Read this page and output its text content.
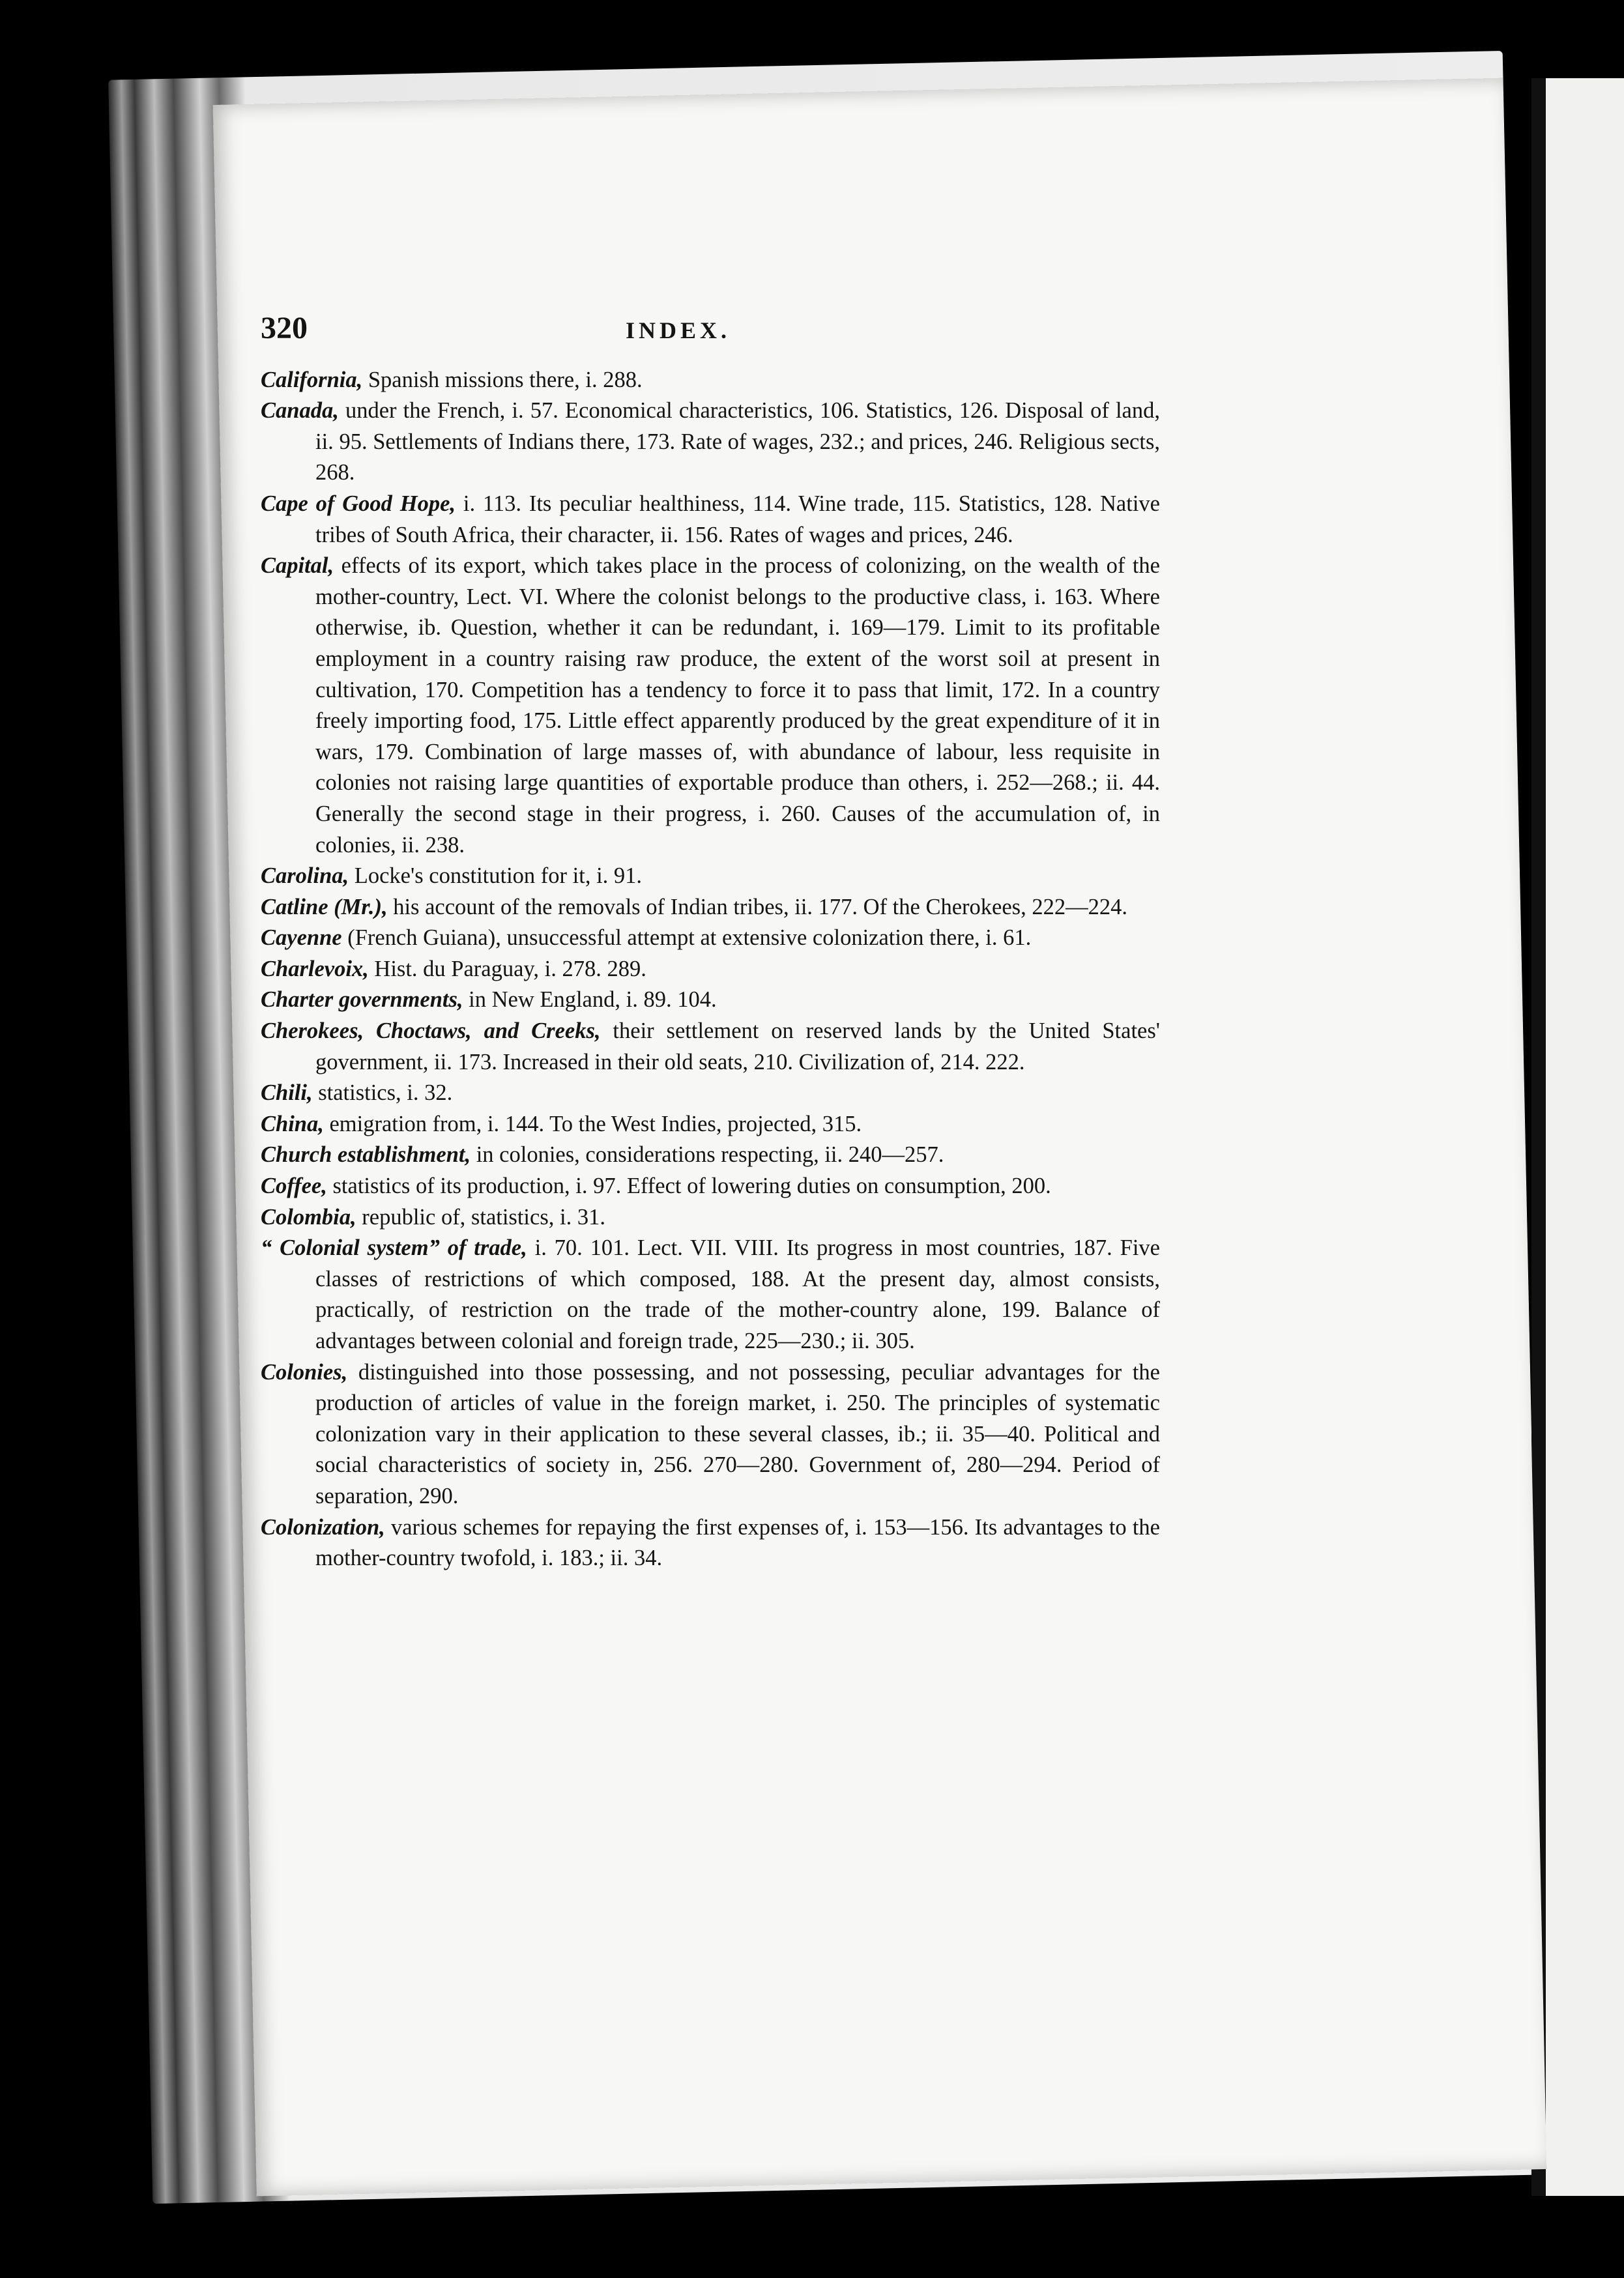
320	INDEX.

California, Spanish missions there, i. 288.

Canada, under the French, i. 57. Economical characteristics, 106. Statistics, 126. Disposal of land, ii. 95. Settlements of Indians there, 173. Rate of wages, 232.; and prices, 246. Religious sects, 268.

Cape of Good Hope, i. 113. Its peculiar healthiness, 114. Wine trade, 115. Statistics, 128. Native tribes of South Africa, their character, ii. 156. Rates of wages and prices, 246.

Capital, effects of its export, which takes place in the process of colonizing, on the wealth of the mother-country, Lect. VI. Where the colonist belongs to the productive class, i. 163. Where otherwise, ib. Question, whether it can be redundant, i. 169—179. Limit to its profitable employment in a country raising raw produce, the extent of the worst soil at present in cultivation, 170. Competition has a tendency to force it to pass that limit, 172. In a country freely importing food, 175. Little effect apparently produced by the great expenditure of it in wars, 179. Combination of large masses of, with abundance of labour, less requisite in colonies not raising large quantities of exportable produce than others, i. 252—268.; ii. 44. Generally the second stage in their progress, i. 260. Causes of the accumulation of, in colonies, ii. 238.

Carolina, Locke's constitution for it, i. 91.

Catline (Mr.), his account of the removals of Indian tribes, ii. 177. Of the Cherokees, 222—224.

Cayenne (French Guiana), unsuccessful attempt at extensive colonization there, i. 61.

Charlevoix, Hist. du Paraguay, i. 278. 289.

Charter governments, in New England, i. 89. 104.

Cherokees, Choctaws, and Creeks, their settlement on reserved lands by the United States' government, ii. 173. Increased in their old seats, 210. Civilization of, 214. 222.

Chili, statistics, i. 32.

China, emigration from, i. 144. To the West Indies, projected, 315.

Church establishment, in colonies, considerations respecting, ii. 240—257.

Coffee, statistics of its production, i. 97. Effect of lowering duties on consumption, 200.

Colombia, republic of, statistics, i. 31.

“ Colonial system” of trade, i. 70. 101. Lect. VII. VIII. Its progress in most countries, 187. Five classes of restrictions of which composed, 188. At the present day, almost consists, practically, of restriction on the trade of the mother-country alone, 199. Balance of advantages between colonial and foreign trade, 225—230.; ii. 305.

Colonies, distinguished into those possessing, and not possessing, peculiar advantages for the production of articles of value in the foreign market, i. 250. The principles of systematic colonization vary in their application to these several classes, ib.; ii. 35—40. Political and social characteristics of society in, 256. 270—280. Government of, 280—294. Period of separation, 290.

Colonization, various schemes for repaying the first expenses of, i. 153—156. Its advantages to the mother-country twofold, i. 183.; ii. 34.
